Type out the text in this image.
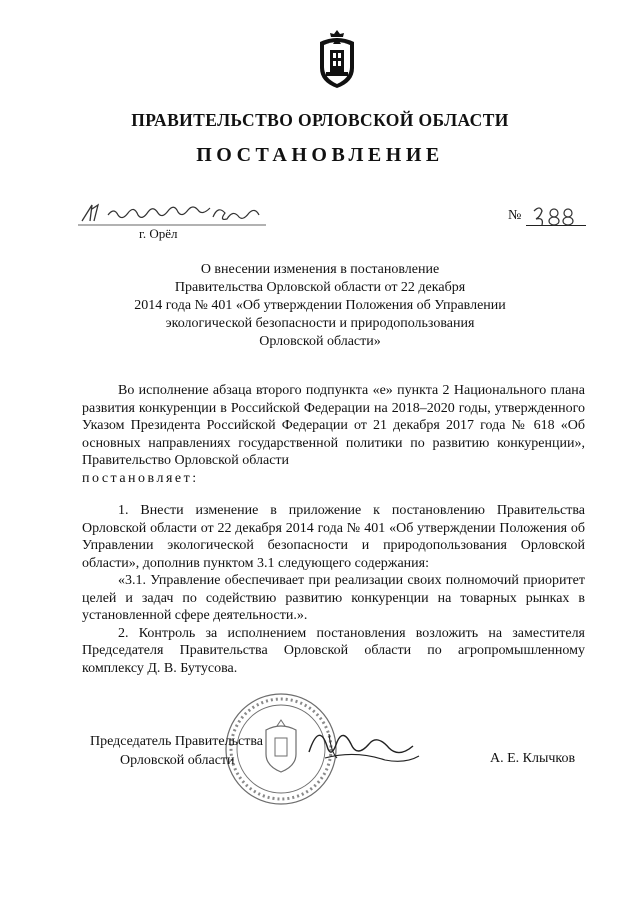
ПРАВИТЕЛЬСТВО ОРЛОВСКОЙ ОБЛАСТИ
ПОСТАНОВЛЕНИЕ
г. Орёл
№
О внесении изменения в постановление
Правительства Орловской области от 22 декабря
2014 года № 401 «Об утверждении Положения об Управлении
экологической безопасности и природопользования
Орловской области»

Во исполнение абзаца второго подпункта «е» пункта 2 Национального плана развития конкуренции в Российской Федерации на 2018–2020 годы, утвержденного Указом Президента Российской Федерации от 21 декабря 2017 года № 618 «Об основных направлениях государственной политики по развитию конкуренции», Правительство Орловской области

постановляет:

1. Внести изменение в приложение к постановлению Правительства Орловской области от 22 декабря 2014 года № 401 «Об утверждении Положения об Управлении экологической безопасности и природопользования Орловской области», дополнив пунктом 3.1 следующего содержания:

«3.1. Управление обеспечивает при реализации своих полномочий приоритет целей и задач по содействию развитию конкуренции на товарных рынках в установленной сфере деятельности.».

2. Контроль за исполнением постановления возложить на заместителя Председателя Правительства Орловской области по агропромышленному комплексу Д. В. Бутусова.

Председатель Правительства
Орловской области	А. Е. Клычков
